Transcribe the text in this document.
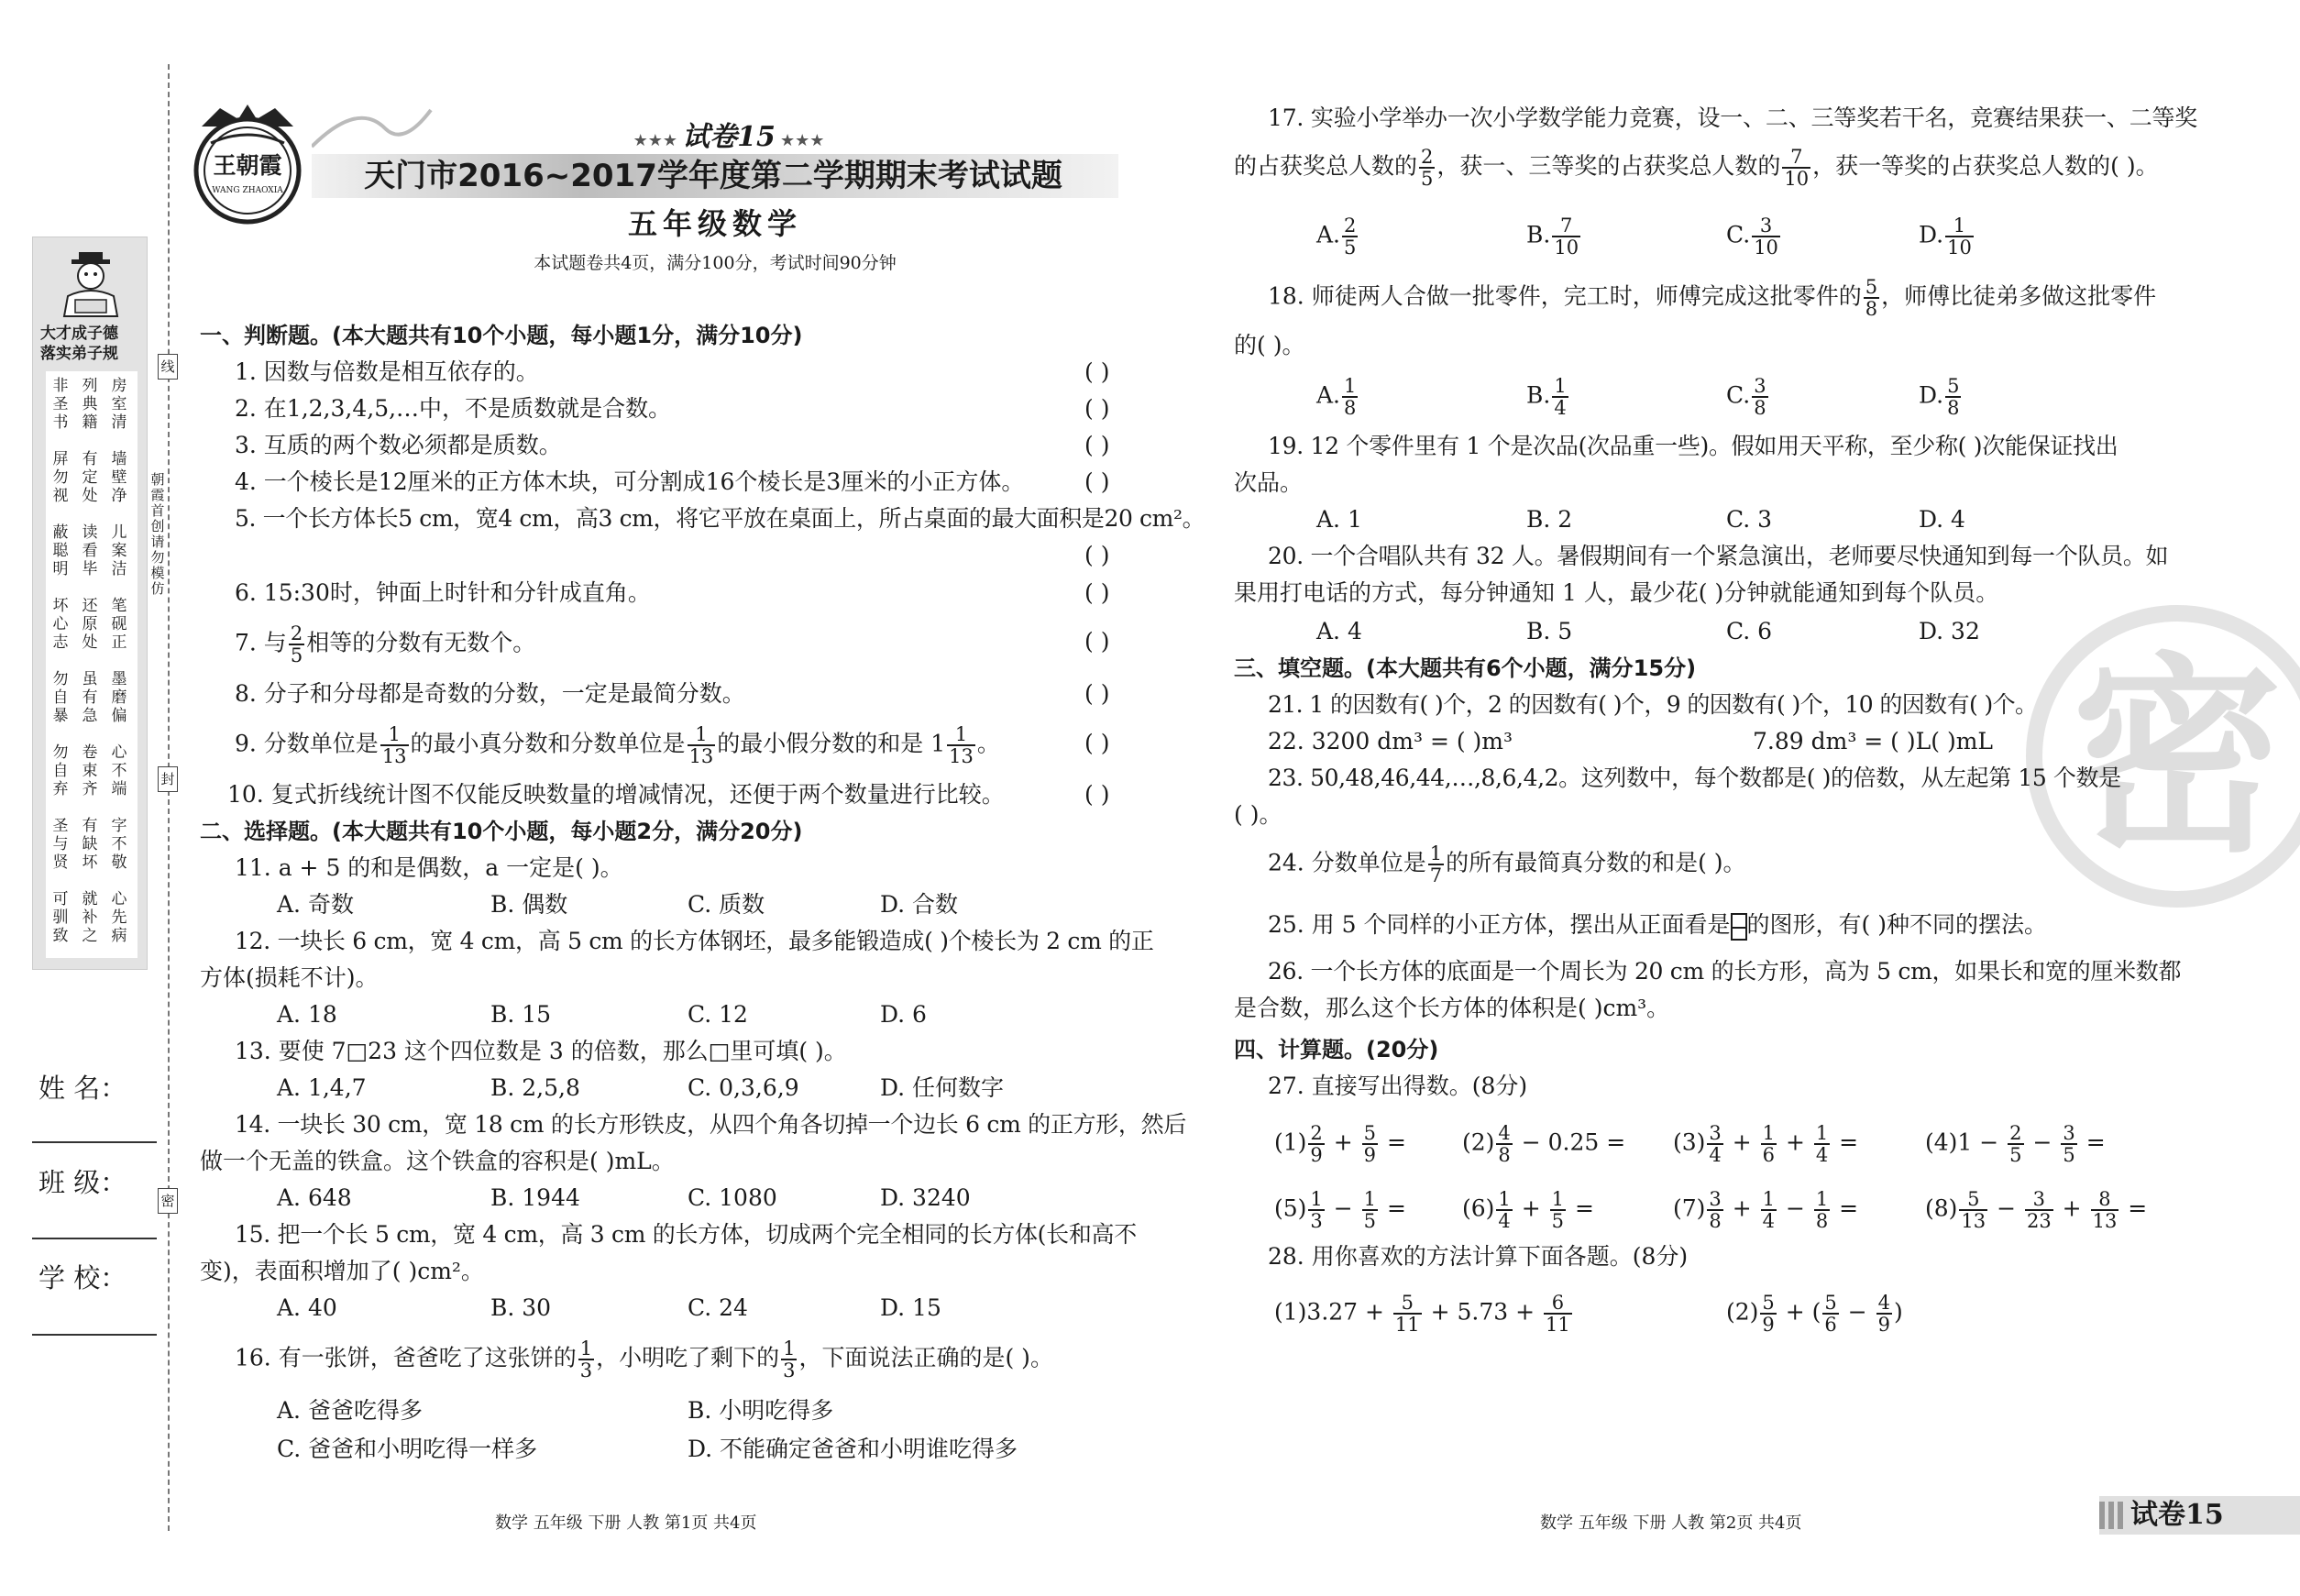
大才成子德
落实弟子规
非圣书
列典籍
房室清
屏勿视
有定处
墙壁净
蔽聪明
读看毕
儿案洁
坏心志
还原处
笔砚正
勿自暴
虽有急
墨磨偏
勿自弃
卷束齐
心不端
圣与贤
有缺坏
字不敬
可驯致
就补之
心先病
线
封
密
朝霞首创 请勿模仿
姓 名：
班 级：
学 校：
王朝霞
WANG ZHAOXIA
★★★ 试卷15 ★★★
天门市2016~2017学年度第二学期期末考试试题
五年级数学
本试题卷共4页，满分100分，考试时间90分钟
一、判断题。(本大题共有10个小题，每小题1分，满分10分)
1. 因数与倍数是相互依存的。	( )
2. 在1,2,3,4,5,…中，不是质数就是合数。	( )
3. 互质的两个数必须都是质数。	( )
4. 一个棱长是12厘米的正方体木块，可分割成16个棱长是3厘米的小正方体。	( )
5. 一个长方体长5 cm，宽4 cm，高3 cm，将它平放在桌面上，所占桌面的最大面积是20 cm²。
( )
6. 15:30时，钟面上时针和分针成直角。	( )
7. 与 $\frac{2}{5}$ 相等的分数有无数个。	( )
8. 分子和分母都是奇数的分数，一定是最简分数。	( )
9. 分数单位是 $\frac{1}{13}$ 的最小真分数和分数单位是 $\frac{1}{13}$ 的最小假分数的和是 $1 \frac{1}{13}$ 。	( )
10. 复式折线统计图不仅能反映数量的增减情况，还便于两个数量进行比较。	( )
二、选择题。(本大题共有10个小题，每小题2分，满分20分)
11. a + 5 的和是偶数，a 一定是( )。
A. 奇数	B. 偶数	C. 质数	D. 合数
12. 一块长 6 cm，宽 4 cm，高 5 cm 的长方体钢坯，最多能锻造成( )个棱长为 2 cm 的正
方体(损耗不计)。
A. 18	B. 15	C. 12	D. 6
13. 要使 7□23 这个四位数是 3 的倍数，那么□里可填( )。
A. 1,4,7	B. 2,5,8	C. 0,3,6,9	D. 任何数字
14. 一块长 30 cm，宽 18 cm 的长方形铁皮，从四个角各切掉一个边长 6 cm 的正方形，然后
做一个无盖的铁盒。这个铁盒的容积是( )mL。
A. 648	B. 1944	C. 1080	D. 3240
15. 把一个长 5 cm，宽 4 cm，高 3 cm 的长方体，切成两个完全相同的长方体(长和高不
变)，表面积增加了( )cm²。
A. 40	B. 30	C. 24	D. 15
16. 有一张饼，爸爸吃了这张饼的 $\frac{1}{3}$ ，小明吃了剩下的 $\frac{1}{3}$ ，下面说法正确的是( )。
A. 爸爸吃得多	B. 小明吃得多
C. 爸爸和小明吃得一样多	D. 不能确定爸爸和小明谁吃得多
数学 五年级 下册 人教 第1页 共4页
密
17. 实验小学举办一次小学数学能力竞赛，设一、二、三等奖若干名，竞赛结果获一、二等奖
的占获奖总人数的 $\frac{2}{5}$ ，获一、三等奖的占获奖总人数的 $\frac{7}{10}$ ，获一等奖的占获奖总人数的( )。
A. $\frac{2}{5}$	B. $\frac{7}{10}$	C. $\frac{3}{10}$	D. $\frac{1}{10}$
18. 师徒两人合做一批零件，完工时，师傅完成这批零件的 $\frac{5}{8}$ ，师傅比徒弟多做这批零件
的( )。
A. $\frac{1}{8}$	B. $\frac{1}{4}$	C. $\frac{3}{8}$	D. $\frac{5}{8}$
19. 12 个零件里有 1 个是次品(次品重一些)。假如用天平称，至少称( )次能保证找出
次品。
A. 1	B. 2	C. 3	D. 4
20. 一个合唱队共有 32 人。暑假期间有一个紧急演出，老师要尽快通知到每一个队员。如
果用打电话的方式，每分钟通知 1 人，最少花( )分钟就能通知到每个队员。
A. 4	B. 5	C. 6	D. 32
三、填空题。(本大题共有6个小题，满分15分)
21. 1 的因数有( )个，2 的因数有( )个，9 的因数有( )个，10 的因数有( )个。
22. 3200 dm³ = ( )m³	7.89 dm³ = ( )L( )mL
23. 50,48,46,44,…,8,6,4,2。这列数中，每个数都是( )的倍数，从左起第 15 个数是
( )。
24. 分数单位是 $\frac{1}{7}$ 的所有最简真分数的和是( )。
25. 用 5 个同样的小正方体，摆出从正面看是 的图形，有( )种不同的摆法。
26. 一个长方体的底面是一个周长为 20 cm 的长方形，高为 5 cm，如果长和宽的厘米数都
是合数，那么这个长方体的体积是( )cm³。
四、计算题。(20分)
27. 直接写出得数。(8分)
$(1) \frac{2}{9} + \frac{5}{9} = (2) \frac{4}{8} - 0.25 = (3) \frac{3}{4} + \frac{1}{6} + \frac{1}{4}$ =	$(4)1 - \frac{2}{5} - \frac{3}{5}$ =
$(5) \frac{1}{3} - \frac{1}{5} = (6) \frac{1}{4} + \frac{1}{5}$ =	$(7) \frac{3}{8} + \frac{1}{4} - \frac{1}{8}$ =	$(8) \frac{5}{13} - \frac{3}{23} + \frac{8}{13}$ =
28. 用你喜欢的方法计算下面各题。(8分)
$(1)3.27 + \frac{5}{11} + 5.73 + \frac{6}{11}$	$(2) \frac{5}{9}$ + ( $\frac{5}{6} - \frac{4}{9}$ )
数学 五年级 下册 人教 第2页 共4页	试卷15
